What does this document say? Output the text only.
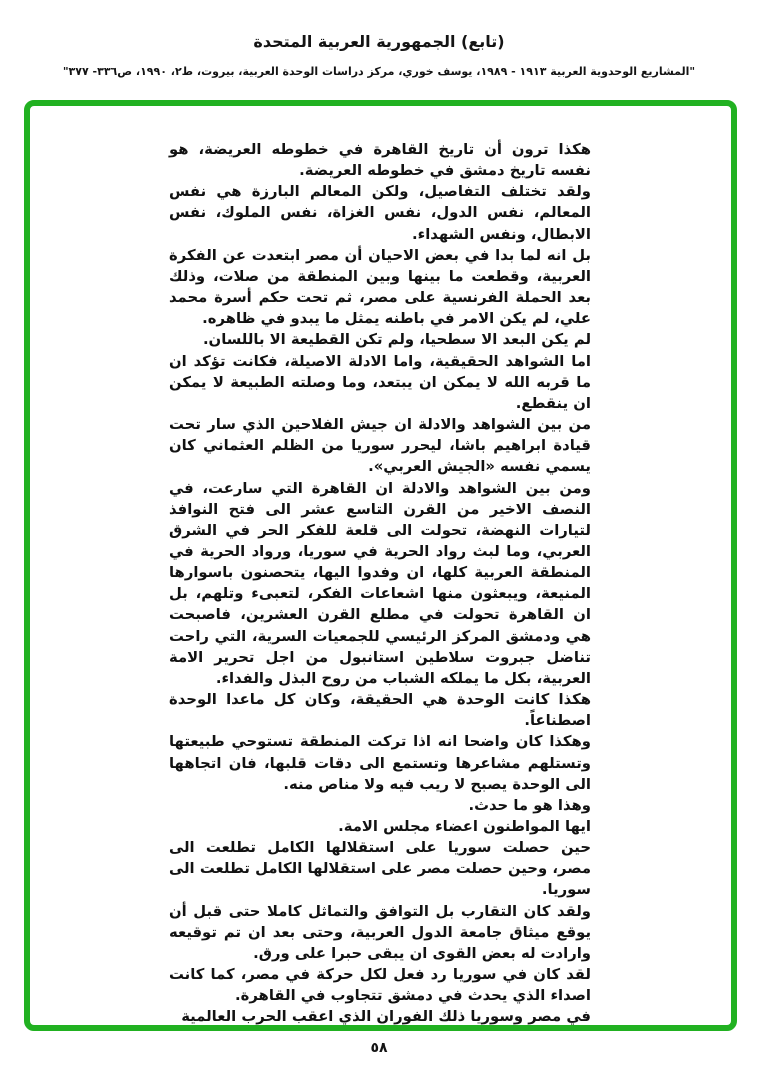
(تابع) الجمهورية العربية المتحدة
"المشاريع الوحدوية العربية ١٩١٣ - ١٩٨٩، يوسف خوري، مركز دراسات الوحدة العربية، بيروت، ط٢، ١٩٩٠، ص٣٣٦- ٣٧٧"

هكذا ترون أن تاريخ القاهرة في خطوطه العريضة، هو نفسه تاريخ دمشق في خطوطه العريضة.

ولقد تختلف التفاصيل، ولكن المعالم البارزة هي نفس المعالم، نفس الدول، نفس الغزاة، نفس الملوك، نفس الابطال، ونفس الشهداء.

بل انه لما بدا في بعض الاحيان أن مصر ابتعدت عن الفكرة العربية، وقطعت ما بينها وبين المنطقة من صلات، وذلك بعد الحملة الفرنسية على مصر، ثم تحت حكم أسرة محمد علي، لم يكن الامر في باطنه يمثل ما يبدو في ظاهره.

لم يكن البعد الا سطحيا، ولم تكن القطيعة الا باللسان.

اما الشواهد الحقيقية، واما الادلة الاصيلة، فكانت تؤكد ان ما قربه الله لا يمكن ان يبتعد، وما وصلته الطبيعة لا يمكن ان ينقطع.

من بين الشواهد والادلة ان جيش الفلاحين الذي سار تحت قيادة ابراهيم باشا، ليحرر سوريا من الظلم العثماني كان يسمي نفسه «الجيش العربي».

ومن بين الشواهد والادلة ان القاهرة التي سارعت، في النصف الاخير من القرن التاسع عشر الى فتح النوافذ لتيارات النهضة، تحولت الى قلعة للفكر الحر في الشرق العربي، وما لبث رواد الحرية في سوريا، ورواد الحرية في المنطقة العربية كلها، ان وفدوا اليها، يتحصنون باسوارها المنيعة، ويبعثون منها اشعاعات الفكر، لتعبىء وتلهم، بل ان القاهرة تحولت في مطلع القرن العشرين، فاصبحت هي ودمشق المركز الرئيسي للجمعيات السرية، التي راحت تناضل جبروت سلاطين استانبول من اجل تحرير الامة العربية، بكل ما يملكه الشباب من روح البذل والفداء.

هكذا كانت الوحدة هي الحقيقة، وكان كل ماعدا الوحدة اصطناعاً.

وهكذا كان واضحا انه اذا تركت المنطقة تستوحي طبيعتها وتستلهم مشاعرها وتستمع الى دقات قلبها، فان اتجاهها الى الوحدة يصبح لا ريب فيه ولا مناص منه.

وهذا هو ما حدث.

ايها المواطنون اعضاء مجلس الامة.

حين حصلت سوريا على استقلالها الكامل تطلعت الى مصر، وحين حصلت مصر على استقلالها الكامل تطلعت الى سوريا.

ولقد كان التقارب بل التوافق والتماثل كاملا حتى قبل أن يوقع ميثاق جامعة الدول العربية، وحتى بعد ان تم توقيعه وارادت له بعض القوى ان يبقى حبرا على ورق.

لقد كان في سوريا رد فعل لكل حركة في مصر، كما كانت اصداء الذي يحدث في دمشق تتجاوب في القاهرة.

في مصر وسوريا ذلك الفوران الذي اعقب الحرب العالمية

٥٨
